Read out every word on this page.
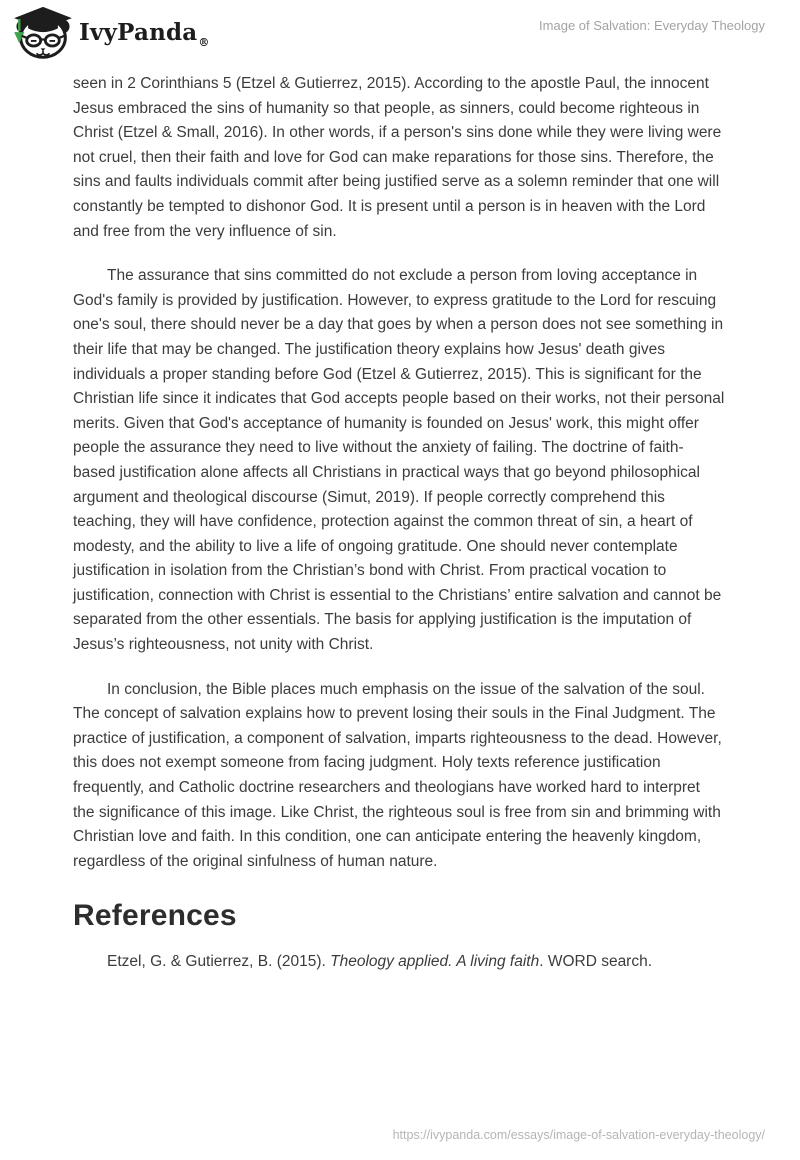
IvyPanda ®
Image of Salvation: Everyday Theology

seen in 2 Corinthians 5 (Etzel & Gutierrez, 2015). According to the apostle Paul, the innocent Jesus embraced the sins of humanity so that people, as sinners, could become righteous in Christ (Etzel & Small, 2016). In other words, if a person's sins done while they were living were not cruel, then their faith and love for God can make reparations for those sins. Therefore, the sins and faults individuals commit after being justified serve as a solemn reminder that one will constantly be tempted to dishonor God. It is present until a person is in heaven with the Lord and free from the very influence of sin.

The assurance that sins committed do not exclude a person from loving acceptance in God's family is provided by justification. However, to express gratitude to the Lord for rescuing one's soul, there should never be a day that goes by when a person does not see something in their life that may be changed. The justification theory explains how Jesus' death gives individuals a proper standing before God (Etzel & Gutierrez, 2015). This is significant for the Christian life since it indicates that God accepts people based on their works, not their personal merits. Given that God's acceptance of humanity is founded on Jesus' work, this might offer people the assurance they need to live without the anxiety of failing. The doctrine of faith-based justification alone affects all Christians in practical ways that go beyond philosophical argument and theological discourse (Simut, 2019). If people correctly comprehend this teaching, they will have confidence, protection against the common threat of sin, a heart of modesty, and the ability to live a life of ongoing gratitude. One should never contemplate justification in isolation from the Christian’s bond with Christ. From practical vocation to justification, connection with Christ is essential to the Christians’ entire salvation and cannot be separated from the other essentials. The basis for applying justification is the imputation of Jesus’s righteousness, not unity with Christ.

In conclusion, the Bible places much emphasis on the issue of the salvation of the soul. The concept of salvation explains how to prevent losing their souls in the Final Judgment. The practice of justification, a component of salvation, imparts righteousness to the dead. However, this does not exempt someone from facing judgment. Holy texts reference justification frequently, and Catholic doctrine researchers and theologians have worked hard to interpret the significance of this image. Like Christ, the righteous soul is free from sin and brimming with Christian love and faith. In this condition, one can anticipate entering the heavenly kingdom, regardless of the original sinfulness of human nature.

References

Etzel, G. & Gutierrez, B. (2015). Theology applied. A living faith. WORD search.

https://ivypanda.com/essays/image-of-salvation-everyday-theology/
